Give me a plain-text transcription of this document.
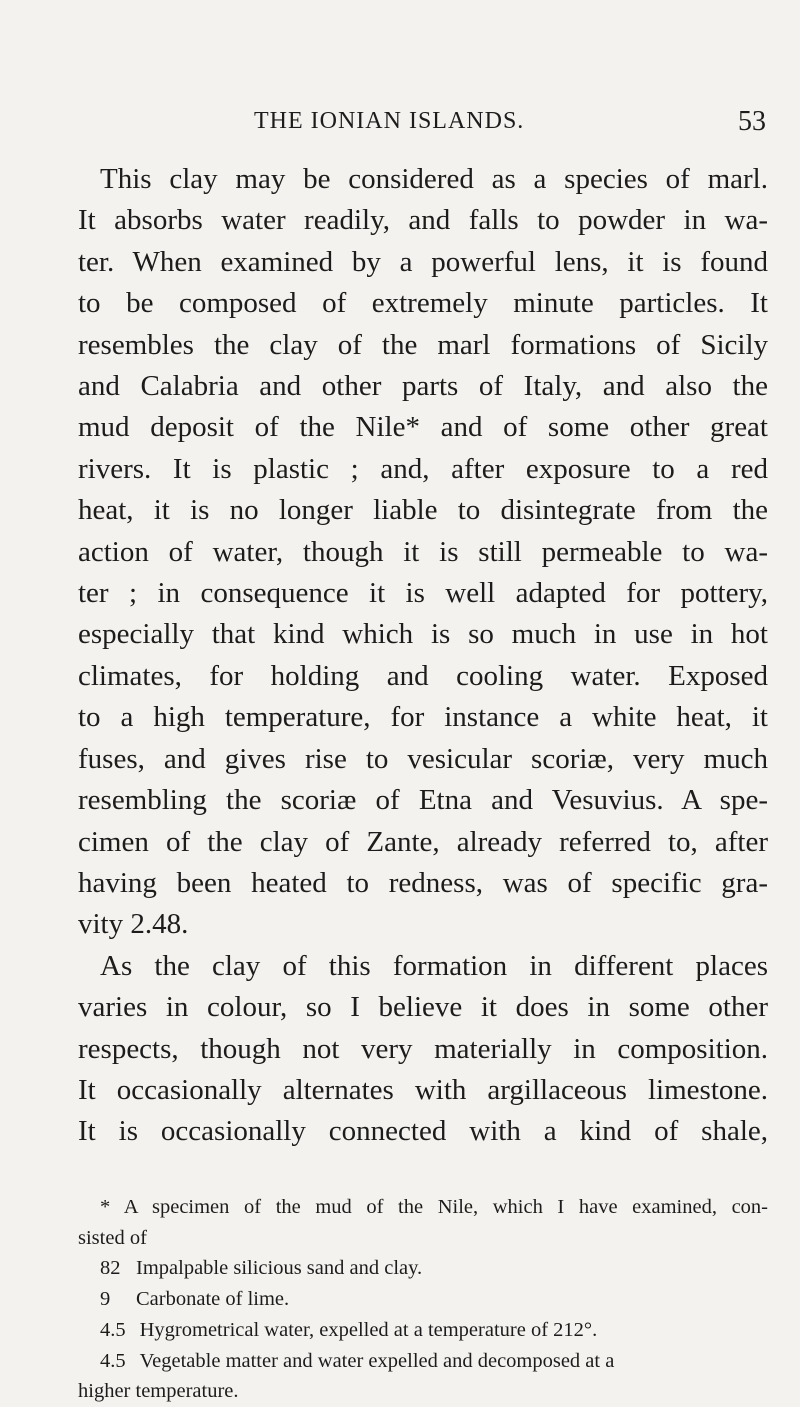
THE IONIAN ISLANDS.	53
This clay may be considered as a species of marl.
It absorbs water readily, and falls to powder in wa-
ter. When examined by a powerful lens, it is found
to be composed of extremely minute particles. It
resembles the clay of the marl formations of Sicily
and Calabria and other parts of Italy, and also the
mud deposit of the Nile* and of some other great
rivers. It is plastic ; and, after exposure to a red
heat, it is no longer liable to disintegrate from the
action of water, though it is still permeable to wa-
ter ; in consequence it is well adapted for pottery,
especially that kind which is so much in use in hot
climates, for holding and cooling water. Exposed
to a high temperature, for instance a white heat, it
fuses, and gives rise to vesicular scoriæ, very much
resembling the scoriæ of Etna and Vesuvius. A spe-
cimen of the clay of Zante, already referred to, after
having been heated to redness, was of specific gra-
vity 2.48.
As the clay of this formation in different places
varies in colour, so I believe it does in some other
respects, though not very materially in composition.
It occasionally alternates with argillaceous limestone.
It is occasionally connected with a kind of shale,
* A specimen of the mud of the Nile, which I have examined, con-
sisted of
82 Impalpable silicious sand and clay.
9 Carbonate of lime.
4.5 Hygrometrical water, expelled at a temperature of 212°.
4.5 Vegetable matter and water expelled and decomposed at a
higher temperature.
